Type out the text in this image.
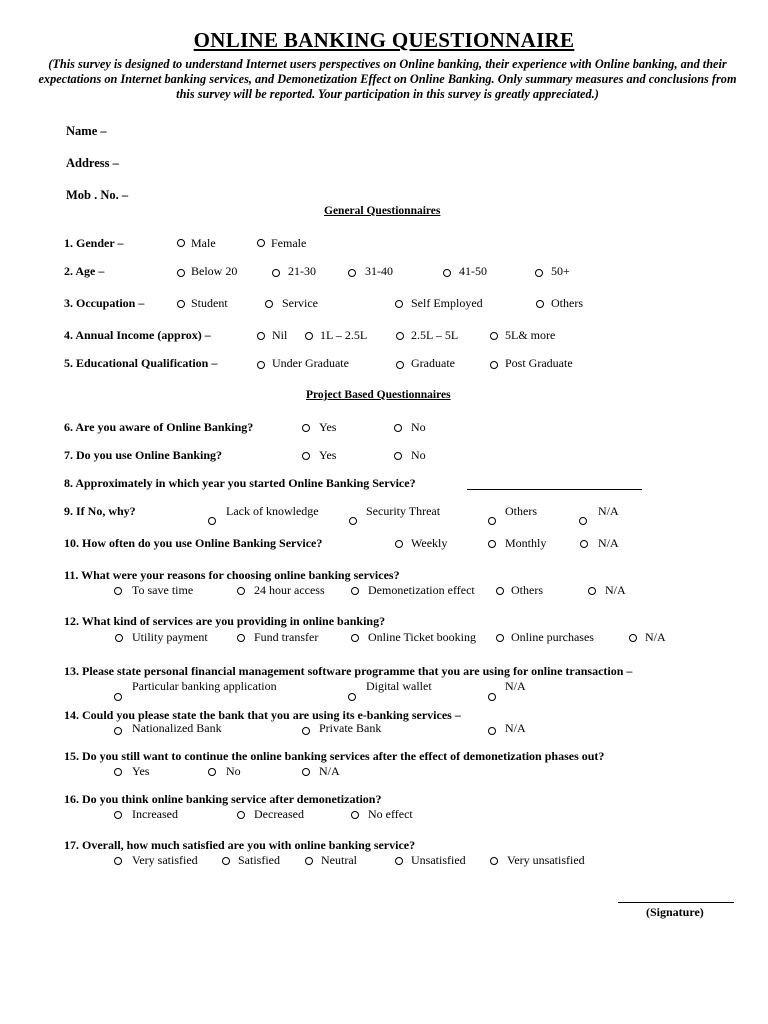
ONLINE BANKING QUESTIONNAIRE
(This survey is designed to understand Internet users perspectives on Online banking, their experience with Online banking, and their expectations on Internet banking services, and Demonetization Effect on Online Banking. Only summary measures and conclusions from this survey will be reported. Your participation in this survey is greatly appreciated.)
Name –
Address –
Mob . No. –
General Questionnaires
1. Gender –	Male	Female
2. Age –	Below 20	21-30	31-40	41-50	50+
3. Occupation –	Student	Service	Self Employed	Others
4. Annual Income (approx) –	Nil	1L – 2.5L	2.5L – 5L	5L& more
5. Educational Qualification –	Under Graduate	Graduate	Post Graduate
Project Based Questionnaires
6. Are you aware of Online Banking?	Yes	No
7. Do you use Online Banking?	Yes	No
8. Approximately in which year you started Online Banking Service?
9. If No, why?	Lack of knowledge	Security Threat	Others	N/A
10. How often do you use Online Banking Service?	Weekly	Monthly	N/A
11. What were your reasons for choosing online banking services?
To save time	24 hour access	Demonetization effect	Others	N/A
12. What kind of services are you providing in online banking?
Utility payment	Fund transfer	Online Ticket booking	Online purchases	N/A
13. Please state personal financial management software programme that you are using for online transaction –
Particular banking application	Digital wallet	N/A
14. Could you please state the bank that you are using its e-banking services –
Nationalized Bank	Private Bank	N/A
15. Do you still want to continue the online banking services after the effect of demonetization phases out?
Yes	No	N/A
16. Do you think online banking service after demonetization?
Increased	Decreased	No effect
17. Overall, how much satisfied are you with online banking service?
Very satisfied	Satisfied	Neutral	Unsatisfied	Very unsatisfied
(Signature)
